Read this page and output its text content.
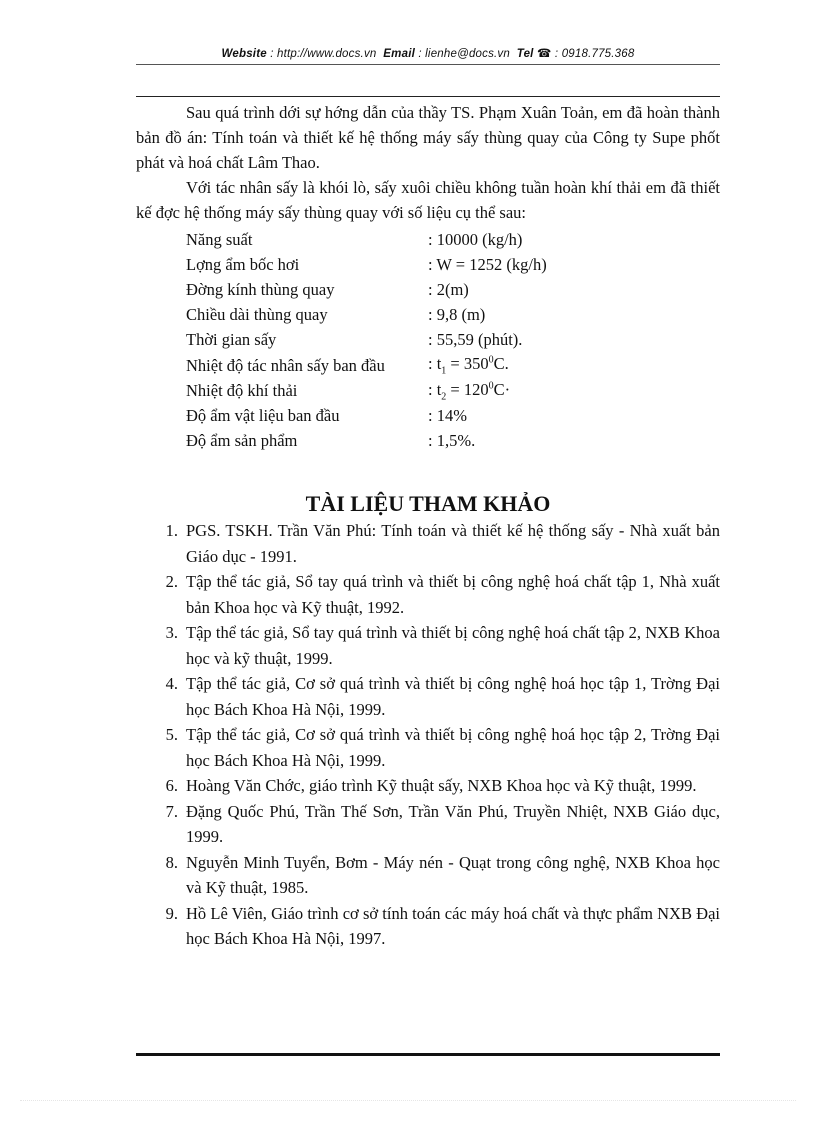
Website : http://www.docs.vn Email : lienhe@docs.vn Tel ☎ : 0918.775.368

Sau quá trình dới sự hớng dẫn của thầy TS. Phạm Xuân Toản, em đã hoàn thành bản đồ án: Tính toán và thiết kế hệ thống máy sấy thùng quay của Công ty Supe phốt phát và hoá chất Lâm Thao.

Với tác nhân sấy là khói lò, sấy xuôi chiều không tuần hoàn khí thải em đã thiết kế đợc hệ thống máy sấy thùng quay với số liệu cụ thể sau:

Năng suất	: 10000 (kg/h)
Lợng ẩm bốc hơi	: W = 1252 (kg/h)
Đờng kính thùng quay	: 2(m)
Chiều dài thùng quay	: 9,8 (m)
Thời gian sấy	: 55,59 (phút).
Nhiệt độ tác nhân sấy ban đầu	: $t_1 = 350^0C$.
Nhiệt độ khí thải	: $t_2 = 120^0C\cdot$
Độ ẩm vật liệu ban đầu	: 14%
Độ ẩm sản phẩm	: 1,5%.
TÀI LIỆU THAM KHẢO
1. PGS. TSKH. Trần Văn Phú: Tính toán và thiết kế hệ thống sấy - Nhà xuất bản Giáo dục - 1991.
2. Tập thể tác giả, Sổ tay quá trình và thiết bị công nghệ hoá chất tập 1, Nhà xuất bản Khoa học và Kỹ thuật, 1992.
3. Tập thể tác giả, Sổ tay quá trình và thiết bị công nghệ hoá chất tập 2, NXB Khoa học và kỹ thuật, 1999.
4. Tập thể tác giả, Cơ sở quá trình và thiết bị công nghệ hoá học tập 1, Trờng Đại học Bách Khoa Hà Nội, 1999.
5. Tập thể tác giả, Cơ sở quá trình và thiết bị công nghệ hoá học tập 2, Trờng Đại học Bách Khoa Hà Nội, 1999.
6. Hoàng Văn Chớc, giáo trình Kỹ thuật sấy, NXB Khoa học và Kỹ thuật, 1999.
7. Đặng Quốc Phú, Trần Thế Sơn, Trần Văn Phú, Truyền Nhiệt, NXB Giáo dục, 1999.
8. Nguyễn Minh Tuyển, Bơm - Máy nén - Quạt trong công nghệ, NXB Khoa học và Kỹ thuật, 1985.
9. Hồ Lê Viên, Giáo trình cơ sở tính toán các máy hoá chất và thực phẩm NXB Đại học Bách Khoa Hà Nội, 1997.
